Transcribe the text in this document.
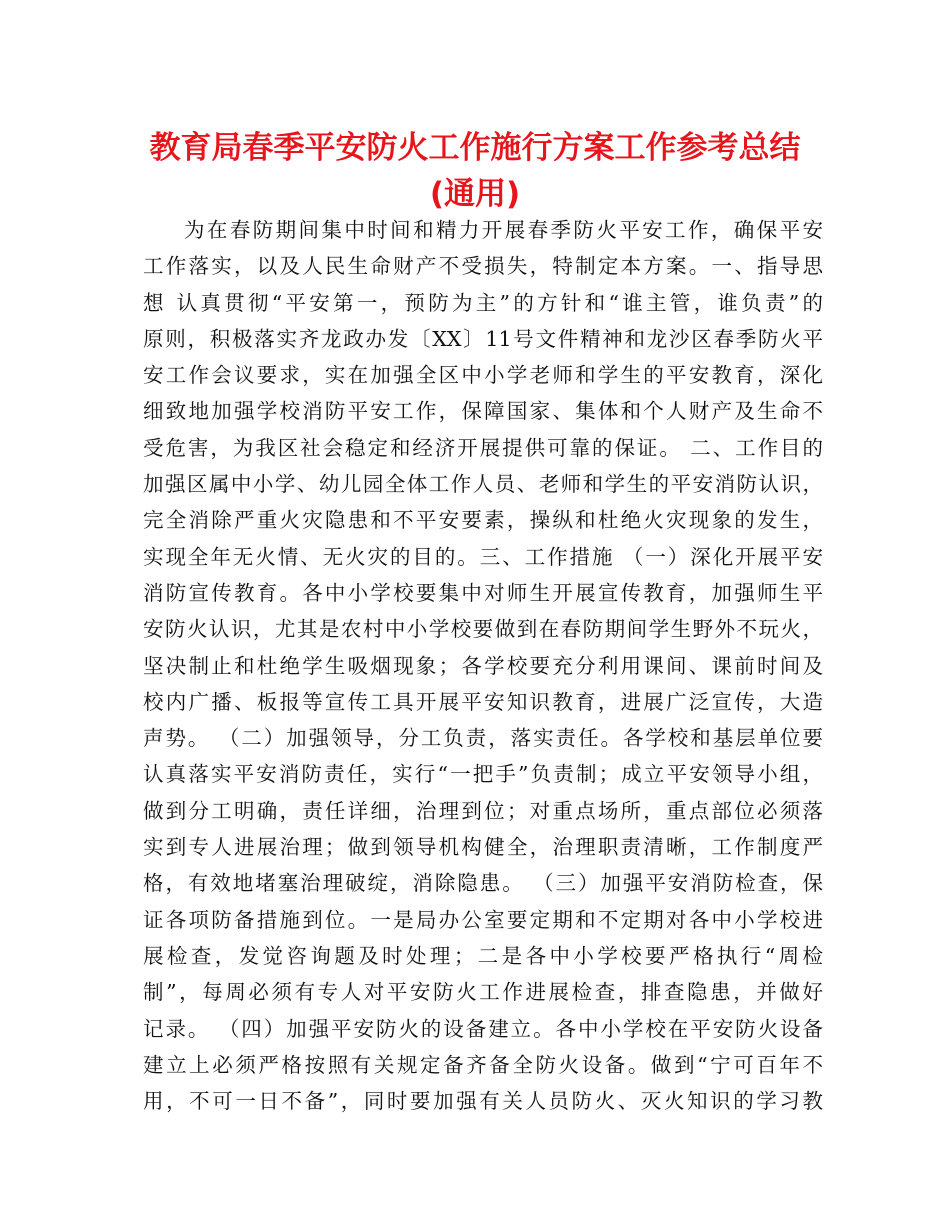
教育局春季平安防火工作施行方案工作参考总结
(通用)
为在春防期间集中时间和精力开展春季防火平安工作，确保平安
工作落实，以及人民生命财产不受损失，特制定本方案。一、指导思
想 认真贯彻“平安第一，预防为主”的方针和“谁主管，谁负责”的
原则，积极落实齐龙政办发〔XX〕11号文件精神和龙沙区春季防火平
安工作会议要求，实在加强全区中小学老师和学生的平安教育，深化
细致地加强学校消防平安工作，保障国家、集体和个人财产及生命不
受危害，为我区社会稳定和经济开展提供可靠的保证。 二、工作目的
加强区属中小学、幼儿园全体工作人员、老师和学生的平安消防认识，
完全消除严重火灾隐患和不平安要素，操纵和杜绝火灾现象的发生，
实现全年无火情、无火灾的目的。三、工作措施 （一）深化开展平安
消防宣传教育。各中小学校要集中对师生开展宣传教育，加强师生平
安防火认识，尤其是农村中小学校要做到在春防期间学生野外不玩火，
坚决制止和杜绝学生吸烟现象；各学校要充分利用课间、课前时间及
校内广播、板报等宣传工具开展平安知识教育，进展广泛宣传，大造
声势。 （二）加强领导，分工负责，落实责任。各学校和基层单位要
认真落实平安消防责任，实行“一把手”负责制；成立平安领导小组，
做到分工明确，责任详细，治理到位；对重点场所，重点部位必须落
实到专人进展治理；做到领导机构健全，治理职责清晰，工作制度严
格，有效地堵塞治理破绽，消除隐患。 （三）加强平安消防检查，保
证各项防备措施到位。一是局办公室要定期和不定期对各中小学校进
展检查，发觉咨询题及时处理；二是各中小学校要严格执行“周检
制”，每周必须有专人对平安防火工作进展检查，排查隐患，并做好
记录。 （四）加强平安防火的设备建立。各中小学校在平安防火设备
建立上必须严格按照有关规定备齐备全防火设备。做到“宁可百年不
用，不可一日不备”，同时要加强有关人员防火、灭火知识的学习教
